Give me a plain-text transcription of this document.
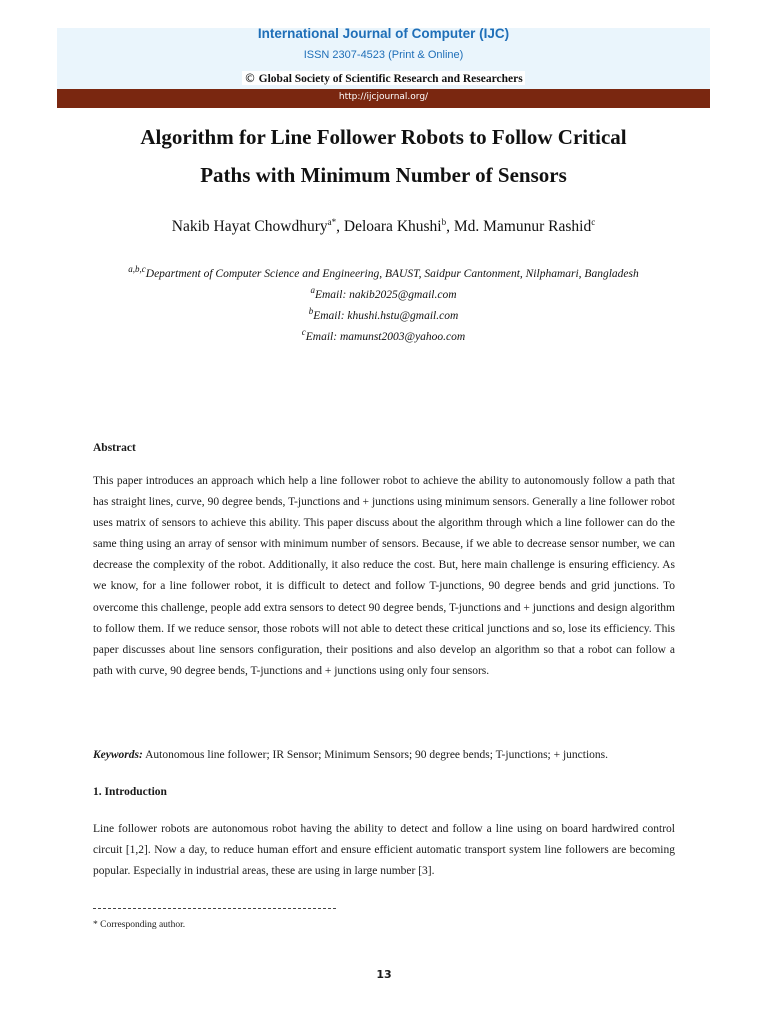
International Journal of Computer (IJC)
ISSN 2307-4523 (Print & Online)
© Global Society of Scientific Research and Researchers
http://ijcjournal.org/
Algorithm for Line Follower Robots to Follow Critical
Paths with Minimum Number of Sensors
Nakib Hayat Chowdhury$^{a*}$, Deloara Khushi$^b$, Md. Mamunur Rashid$^c$
$^{a,b,c}$Department of Computer Science and Engineering, BAUST, Saidpur Cantonment, Nilphamari, Bangladesh
$^a$Email: nakib2025@gmail.com
$^b$Email: khushi.hstu@gmail.com
$^c$Email: mamunst2003@yahoo.com
Abstract
This paper introduces an approach which help a line follower robot to achieve the ability to autonomously follow a path that has straight lines, curve, 90 degree bends, T-junctions and + junctions using minimum sensors. Generally a line follower robot uses matrix of sensors to achieve this ability. This paper discuss about the algorithm through which a line follower can do the same thing using an array of sensor with minimum number of sensors. Because, if we able to decrease sensor number, we can decrease the complexity of the robot. Additionally, it also reduce the cost. But, here main challenge is ensuring efficiency. As we know, for a line follower robot, it is difficult to detect and follow T-junctions, 90 degree bends and grid junctions. To overcome this challenge, people add extra sensors to detect 90 degree bends, T-junctions and + junctions and design algorithm to follow them. If we reduce sensor, those robots will not able to detect these critical junctions and so, lose its efficiency. This paper discusses about line sensors configuration, their positions and also develop an algorithm so that a robot can follow a path with curve, 90 degree bends, T-junctions and + junctions using only four sensors.
Keywords: Autonomous line follower; IR Sensor; Minimum Sensors; 90 degree bends; T-junctions; + junctions.
1. Introduction
Line follower robots are autonomous robot having the ability to detect and follow a line using on board hardwired control circuit [1,2]. Now a day, to reduce human effort and ensure efficient automatic transport system line followers are becoming popular. Especially in industrial areas, these are using in large number [3].
* Corresponding author.
13
